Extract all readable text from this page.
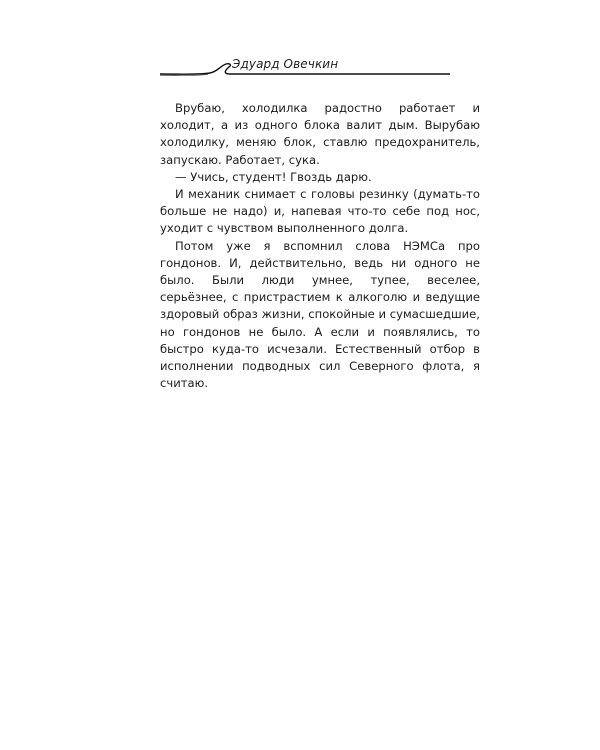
Эдуард Овечкин

Врубаю, холодилка радостно работает и холодит, а из одного блока валит дым. Вырубаю холодилку, меняю блок, ставлю предохранитель, запускаю. Работает, сука.

— Учись, студент! Гвоздь дарю.

И механик снимает с головы резинку (думать-то больше не надо) и, напевая что-то себе под нос, уходит с чувством выполненного долга.

Потом уже я вспомнил слова НЭМСа про гондонов. И, действительно, ведь ни одного не было. Были люди умнее, тупее, веселее, серьёзнее, с пристрастием к алкоголю и ведущие здоровый образ жизни, спокойные и сумасшедшие, но гондонов не было. А если и появлялись, то быстро куда-то исчезали. Естественный отбор в исполнении подводных сил Северного флота, я считаю.
